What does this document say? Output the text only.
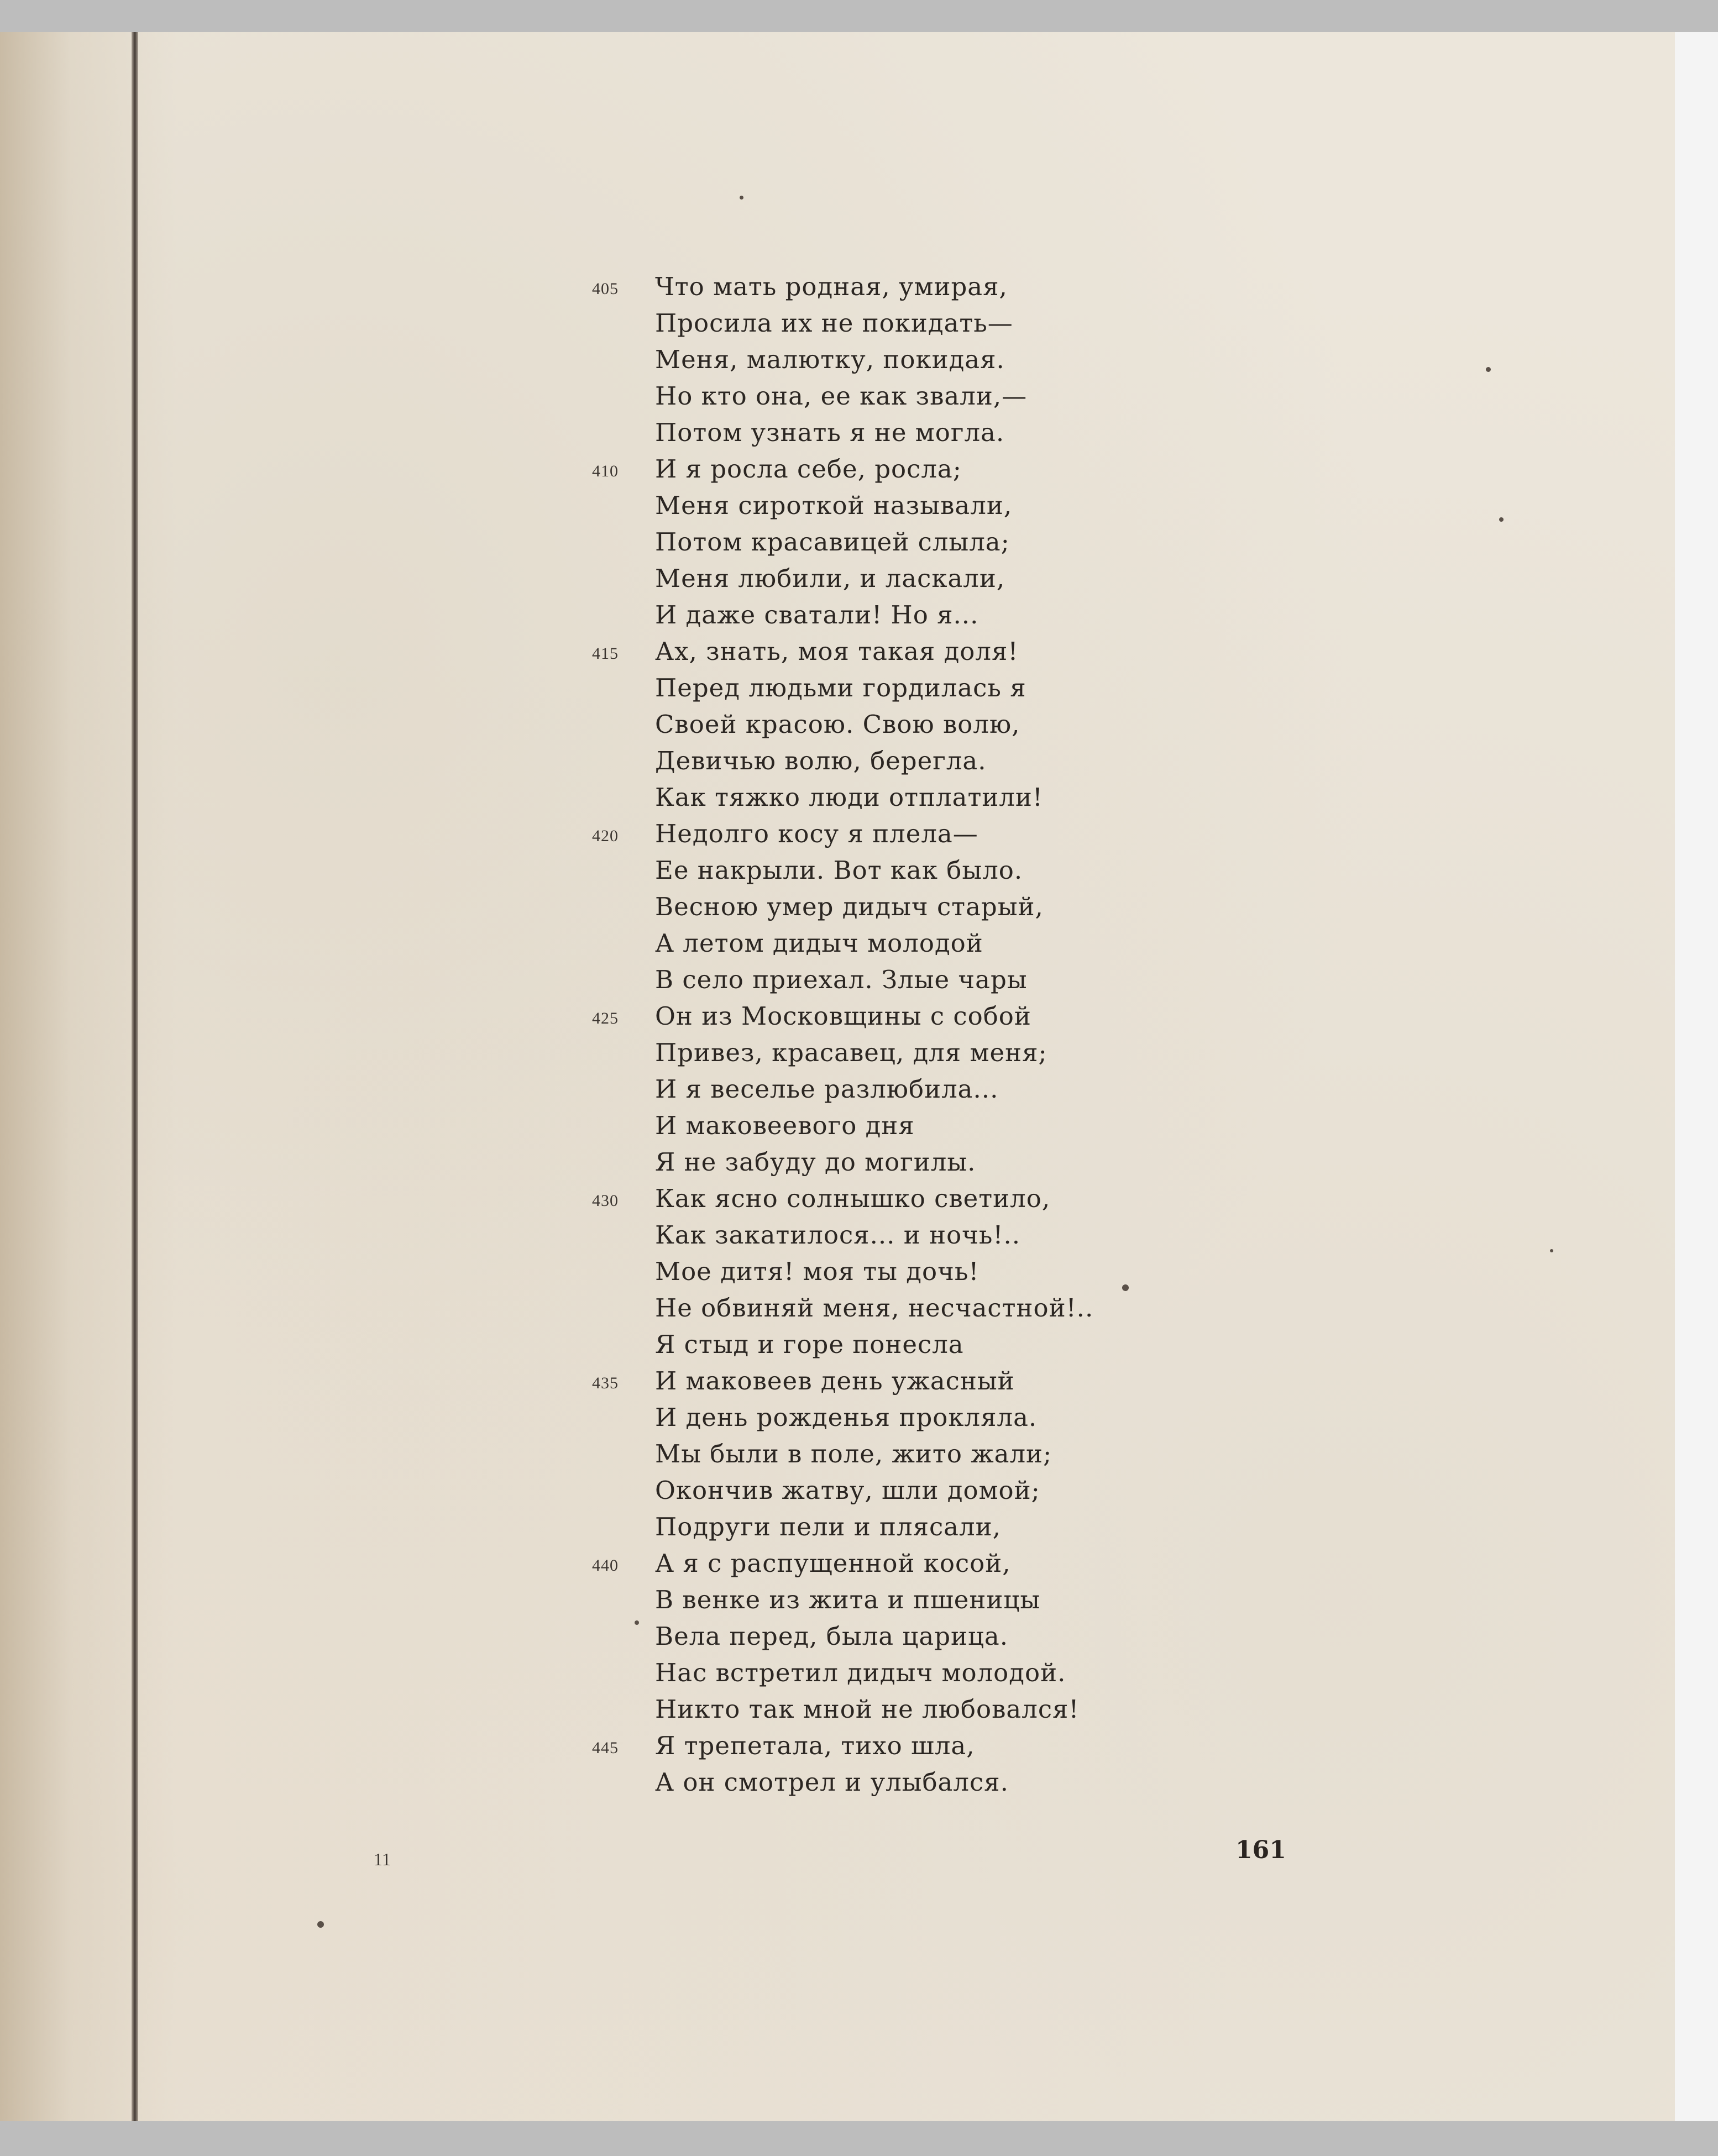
405 Что мать родная, умирая,
Просила их не покидать—
Меня, малютку, покидая.
Но кто она, ее как звали,—
Потом узнать я не могла.
410 И я росла себе, росла;
Меня сироткой называли,
Потом красавицей слыла;
Меня любили, и ласкали,
И даже сватали! Но я...
415 Ах, знать, моя такая доля!
Перед людьми гордилась я
Своей красою. Свою волю,
Девичью волю, берегла.
Как тяжко люди отплатили!
420 Недолго косу я плела—
Ее накрыли. Вот как было.
Весною умер дидыч старый,
А летом дидыч молодой
В село приехал. Злые чары
425 Он из Московщины с собой
Привез, красавец, для меня;
И я веселье разлюбила...
И маковеевого дня
Я не забуду до могилы.
430 Как ясно солнышко светило,
Как закатилося... и ночь!..
Мое дитя! моя ты дочь!
Не обвиняй меня, несчастной!..
Я стыд и горе понесла
435 И маковеев день ужасный
И день рожденья прокляла.
Мы были в поле, жито жали;
Окончив жатву, шли домой;
Подруги пели и плясали,
440 А я с распущенной косой,
В венке из жита и пшеницы
Вела перед, была царица.
Нас встретил дидыч молодой.
Никто так мной не любовался!
445 Я трепетала, тихо шла,
А он смотрел и улыбался.
11	161
